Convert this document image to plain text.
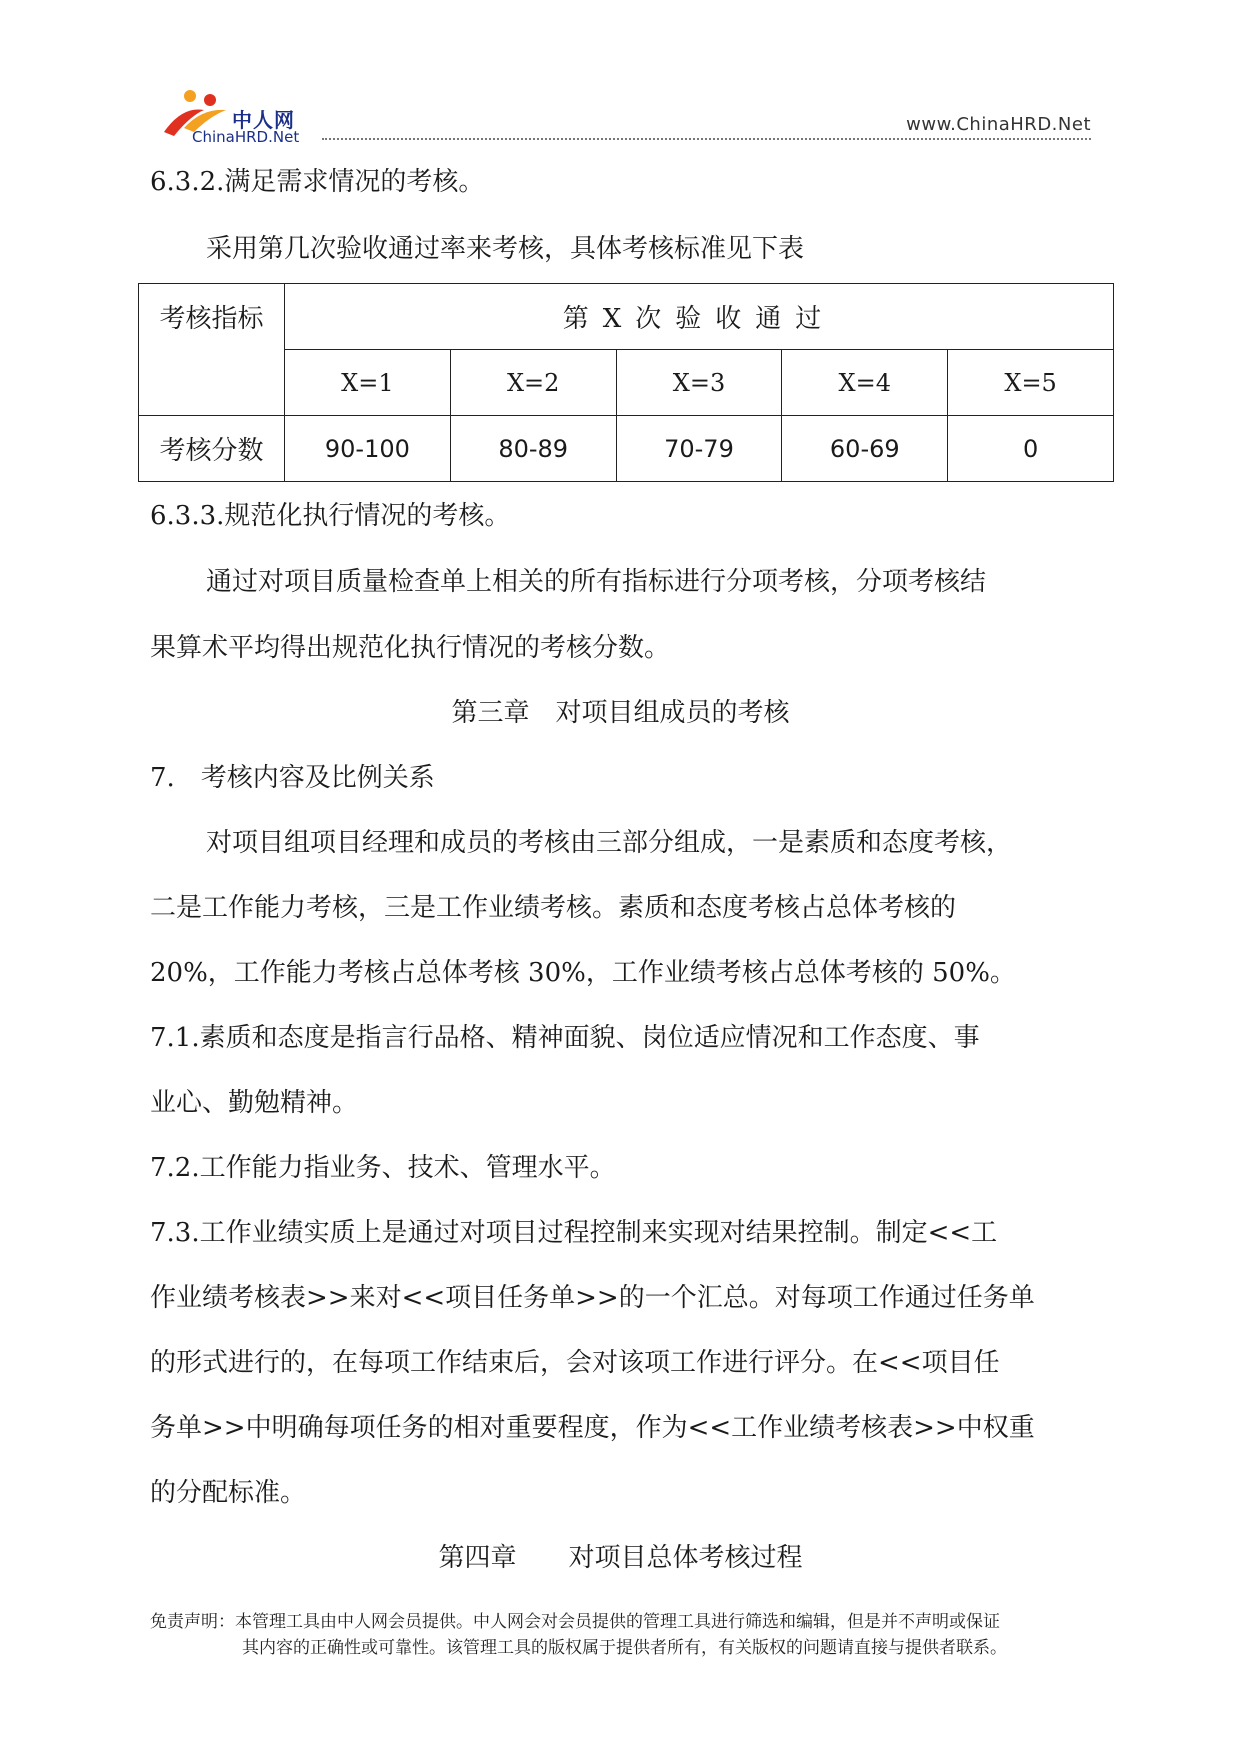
中人网
ChinaHRD.Net
www.ChinaHRD.Net
6.3.2.满足需求情况的考核。
采用第几次验收通过率来考核，具体考核标准见下表
考核指标	第X次验收通过				
	X=1	X=2	X=3	X=4	X=5
考核分数	90-100	80-89	70-79	60-69	0
6.3.3.规范化执行情况的考核。
通过对项目质量检查单上相关的所有指标进行分项考核，分项考核结
果算术平均得出规范化执行情况的考核分数。
第三章　对项目组成员的考核
7.　考核内容及比例关系
对项目组项目经理和成员的考核由三部分组成，一是素质和态度考核，
二是工作能力考核，三是工作业绩考核。素质和态度考核占总体考核的
20%，工作能力考核占总体考核 30%，工作业绩考核占总体考核的 50%。
7.1.素质和态度是指言行品格、精神面貌、岗位适应情况和工作态度、事
业心、勤勉精神。
7.2.工作能力指业务、技术、管理水平。
7.3.工作业绩实质上是通过对项目过程控制来实现对结果控制。制定<<工
作业绩考核表>>来对<<项目任务单>>的一个汇总。对每项工作通过任务单
的形式进行的，在每项工作结束后，会对该项工作进行评分。在<<项目任
务单>>中明确每项任务的相对重要程度，作为<<工作业绩考核表>>中权重
的分配标准。
第四章　　对项目总体考核过程
免责声明：本管理工具由中人网会员提供。中人网会对会员提供的管理工具进行筛选和编辑，但是并不声明或保证
其内容的正确性或可靠性。该管理工具的版权属于提供者所有，有关版权的问题请直接与提供者联系。
